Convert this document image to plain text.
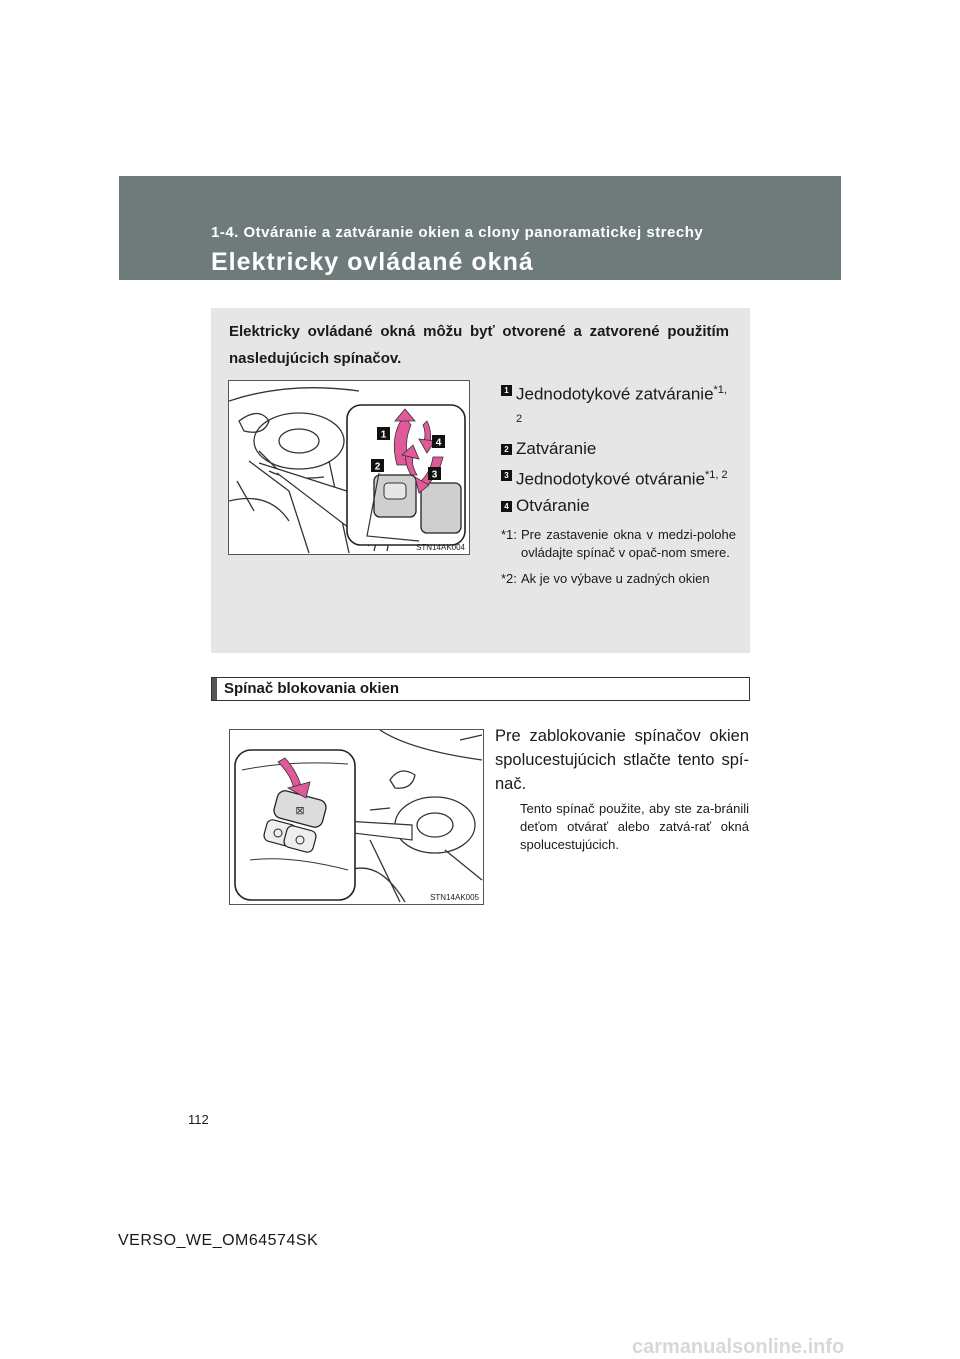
1-4. Otváranie a zatváranie okien a clony panoramatickej strechy
Elektricky ovládané okná
Elektricky ovládané okná môžu byť otvorené a zatvorené použitím nasledujúcich spínačov.
1
2
3
4
STN14AK004
1 Jednodotykové zatváranie$^{*1, 2}$
2 Zatváranie
3 Jednodotykové otváranie$^{*1, 2}$
4 Otváranie
*1: Pre zastavenie okna v medzi-polohe ovládajte spínač v opač-nom smere.
*2: Ak je vo výbave u zadných okien
Spínač blokovania okien
⊠
STN14AK005
Pre zablokovanie spínačov okien spolucestujúcich stlačte tento spí-nač.
Tento spínač použite, aby ste za-bránili deťom otvárať alebo zatvá-rať okná spolucestujúcich.
112
VERSO_WE_OM64574SK
carmanualsonline.info
